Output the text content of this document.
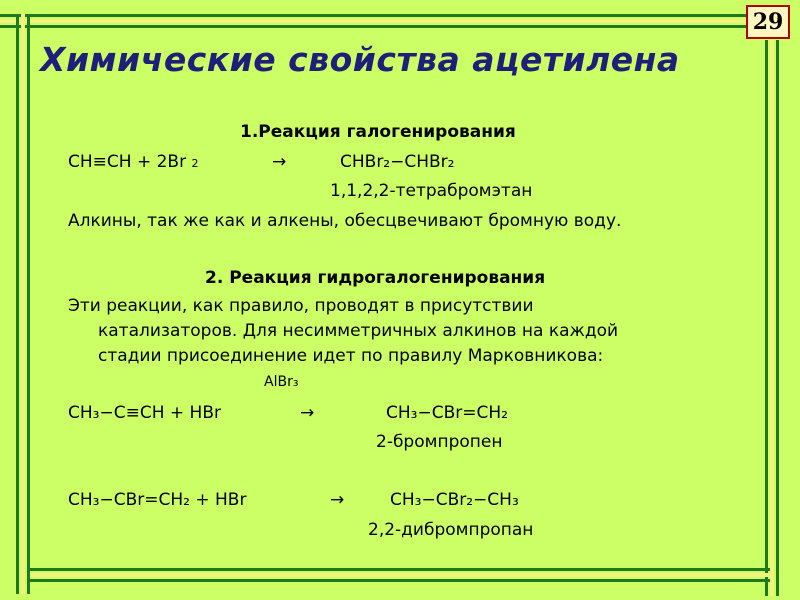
29
Химические свойства ацетилена
1.Реакция галогенирования
CH≡CH + 2Br 2	→	CHBr₂−CHBr₂
1,1,2,2-тетрабромэтан
Алкины, так же как и алкены, обесцвечивают бромную воду.
2. Реакция гидрогалогенирования
Эти реакции, как правило, проводят в присутствии
катализаторов. Для несимметричных алкинов на каждой
стадии присоединение идет по правилу Марковникова:
AlBr₃
CH₃−C≡CH + HBr	→	CH₃−CBr=CH₂
2-бромпропен
CH₃−CBr=CH₂ + HBr	→	CH₃−CBr₂−CH₃
2,2-дибромпропан
